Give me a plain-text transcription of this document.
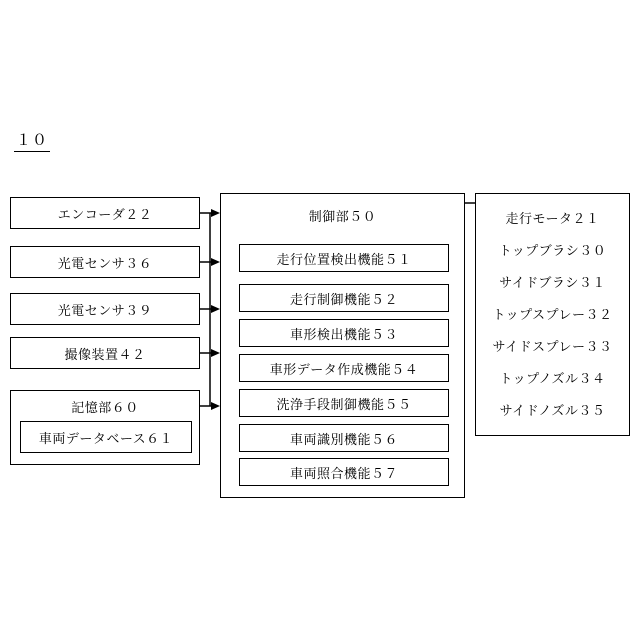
１０
エンコーダ２２
光電センサ３６
光電センサ３９
撮像装置４２
記憶部６０
車両データベース６１
制御部５０
走行位置検出機能５１
走行制御機能５２
車形検出機能５３
車形データ作成機能５４
洗浄手段制御機能５５
車両識別機能５６
車両照合機能５７
走行モータ２１
トップブラシ３０
サイドブラシ３１
トップスプレー３２
サイドスプレー３３
トップノズル３４
サイドノズル３５
